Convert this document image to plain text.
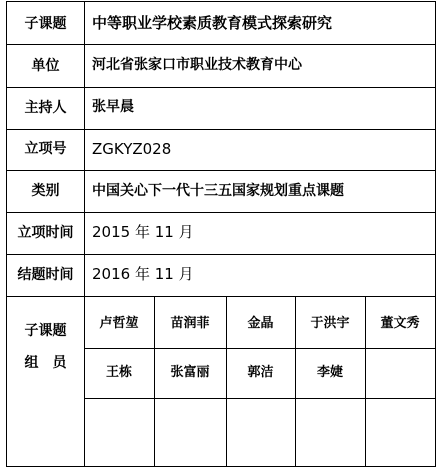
子课题	中等职业学校素质教育模式探索研究
单位	河北省张家口市职业技术教育中心
主持人	张早晨
立项号	ZGKYZ028
类别	中国关心下一代十三五国家规划重点课题
立项时间	2015 年 11 月
结题时间	2016 年 11 月
子课题
组　员
卢哲堃	苗润菲	金晶	于洪宇	董文秀
王栋	张富丽	郭洁	李婕
